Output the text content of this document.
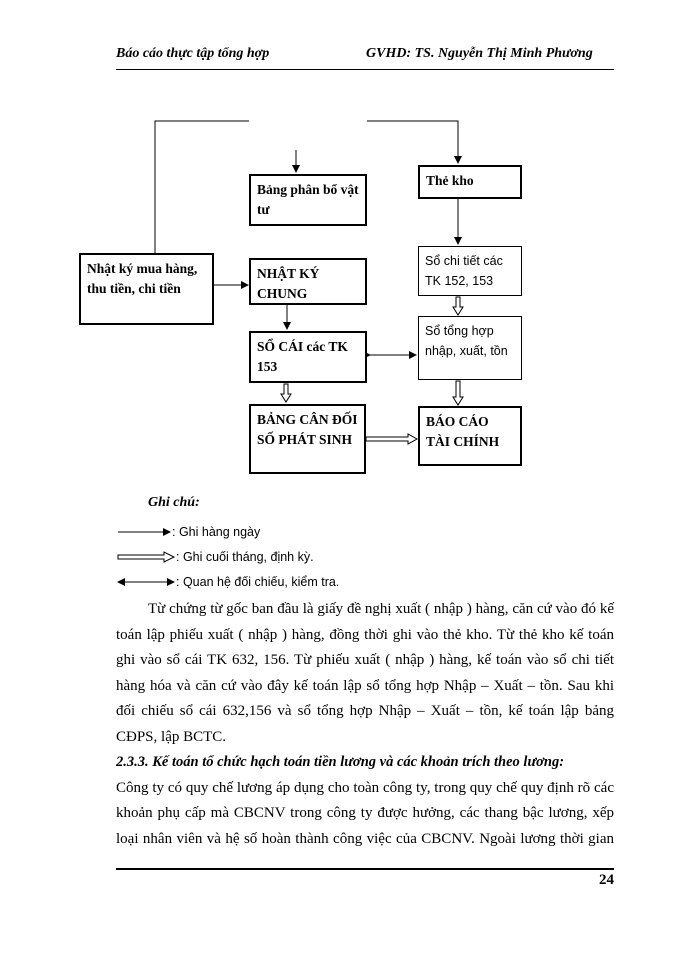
Báo cáo thực tập tổng hợp	GVHD: TS. Nguyễn Thị Minh Phương
Bảng phân bổ vật tư
Thẻ kho
Nhật ký mua hàng, thu tiền, chi tiền
NHẬT KÝ CHUNG
Sổ chi tiết các TK 152, 153
SỔ CÁI các TK 153
Sổ tổng hợp nhập, xuất, tồn
BẢNG CÂN ĐỐI SỐ PHÁT SINH
BÁO CÁO TÀI CHÍNH
Ghi chú:
: Ghi hàng ngày
: Ghi cuối tháng, định kỳ.
: Quan hệ đối chiếu, kiểm tra.

Từ chứng từ gốc ban đầu là giấy đề nghị xuất ( nhập ) hàng, căn cứ vào đó kế toán lập phiếu xuất ( nhập ) hàng, đồng thời ghi vào thẻ kho. Từ thẻ kho kế toán ghi vào sổ cái TK 632, 156. Từ phiếu xuất ( nhập ) hàng, kế toán vào sổ chi tiết hàng hóa và căn cứ vào đây kế toán lập sổ tổng hợp Nhập – Xuất – tồn. Sau khi đối chiếu sổ cái 632,156 và sổ tổng hợp Nhập – Xuất – tồn, kế toán lập bảng CĐPS, lập BCTC.

2.3.3. Kế toán tổ chức hạch toán tiền lương và các khoản trích theo lương:

Công ty có quy chế lương áp dụng cho toàn công ty, trong quy chế quy định rõ các khoản phụ cấp mà CBCNV trong công ty được hưởng, các thang bậc lương, xếp loại nhân viên và hệ số hoàn thành công việc của CBCNV. Ngoài lương thời gian

24
